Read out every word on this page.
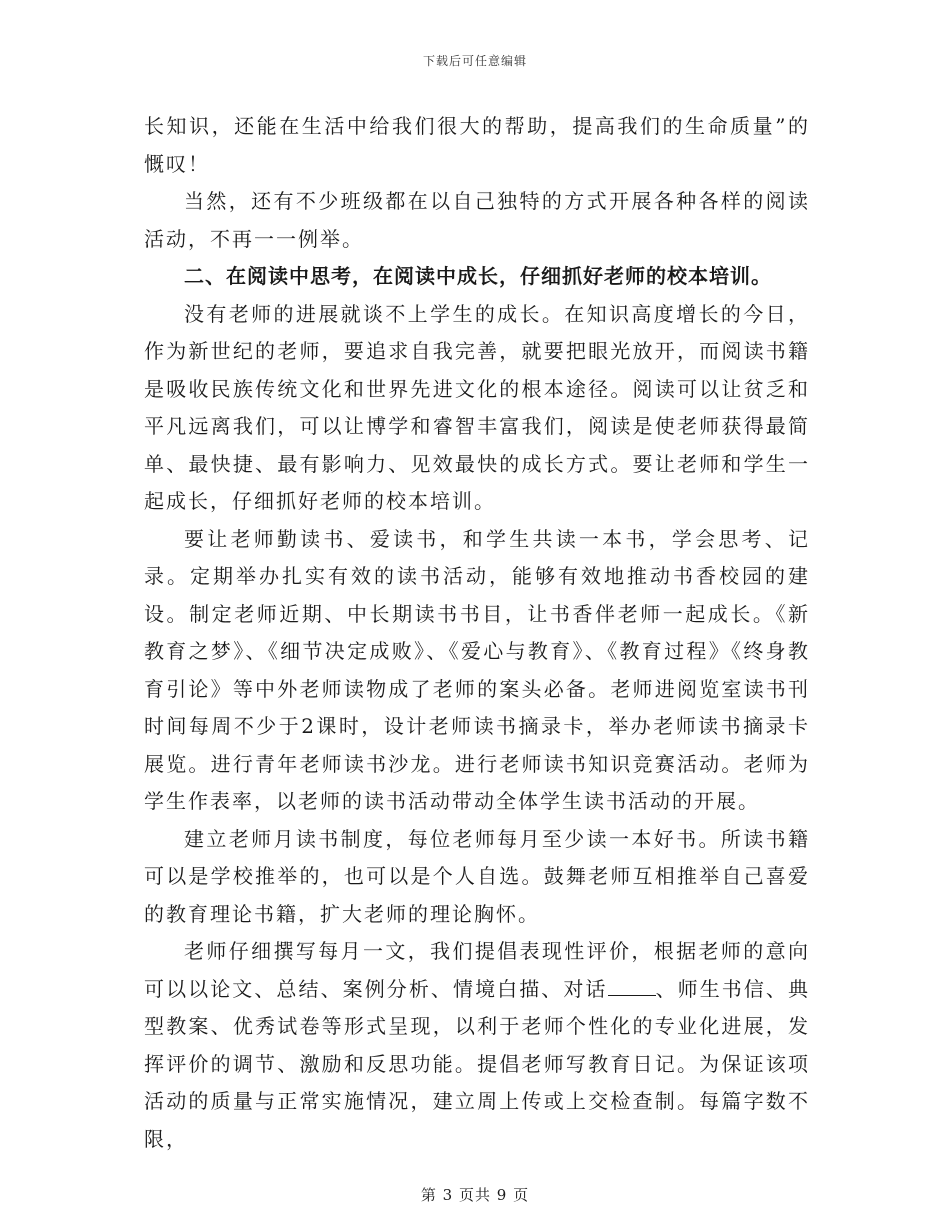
下载后可任意编辑

长知识，还能在生活中给我们很大的帮助，提高我们的生命质量”的慨叹！

当然，还有不少班级都在以自己独特的方式开展各种各样的阅读活动，不再一一例举。

二、在阅读中思考，在阅读中成长，仔细抓好老师的校本培训。

没有老师的进展就谈不上学生的成长。在知识高度增长的今日，作为新世纪的老师，要追求自我完善，就要把眼光放开，而阅读书籍是吸收民族传统文化和世界先进文化的根本途径。阅读可以让贫乏和平凡远离我们，可以让博学和睿智丰富我们，阅读是使老师获得最简单、最快捷、最有影响力、见效最快的成长方式。要让老师和学生一起成长，仔细抓好老师的校本培训。

要让老师勤读书、爱读书，和学生共读一本书，学会思考、记录。定期举办扎实有效的读书活动，能够有效地推动书香校园的建设。制定老师近期、中长期读书书目，让书香伴老师一起成长。《新教育之梦》、《细节决定成败》、《爱心与教育》、《教育过程》《终身教育引论》等中外老师读物成了老师的案头必备。老师进阅览室读书刊时间每周不少于2课时，设计老师读书摘录卡，举办老师读书摘录卡展览。进行青年老师读书沙龙。进行老师读书知识竞赛活动。老师为学生作表率，以老师的读书活动带动全体学生读书活动的开展。

建立老师月读书制度，每位老师每月至少读一本好书。所读书籍可以是学校推举的，也可以是个人自选。鼓舞老师互相推举自己喜爱的教育理论书籍，扩大老师的理论胸怀。

老师仔细撰写每月一文，我们提倡表现性评价，根据老师的意向可以以论文、总结、案例分析、情境白描、对话 、师生书信、典型教案、优秀试卷等形式呈现，以利于老师个性化的专业化进展，发挥评价的调节、激励和反思功能。提倡老师写教育日记。为保证该项活动的质量与正常实施情况，建立周上传或上交检查制。每篇字数不限，

第 3 页共 9 页
